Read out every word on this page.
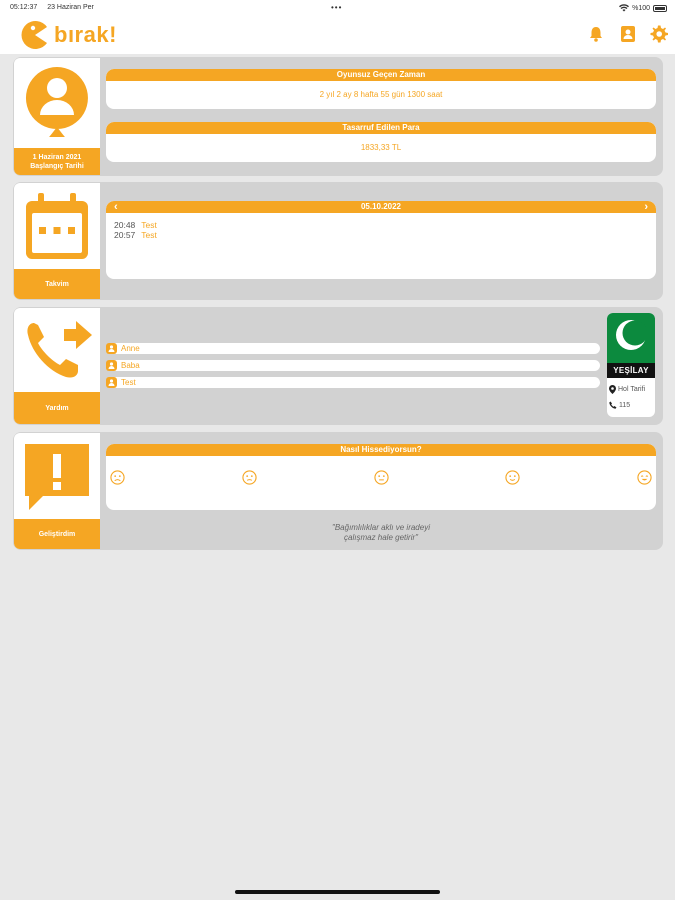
05:12:37 23 Haziran Per	•••	%100
bırak!
1 Haziran 2021
Başlangıç Tarihi
Oyunsuz Geçen Zaman
2 yıl 2 ay 8 hafta 55 gün 1300 saat
Tasarruf Edilen Para
1833,33 TL
Takvim
‹	05.10.2022	›
20:48 Test
20:57 Test
Yardım
Anne
Baba
Test
YEŞİLAY
Hol Tarifi
115
Geliştirdim
Nasıl Hissediyorsun?
"Bağımlılıklar aklı ve iradeyi
çalışmaz hale getirir"
